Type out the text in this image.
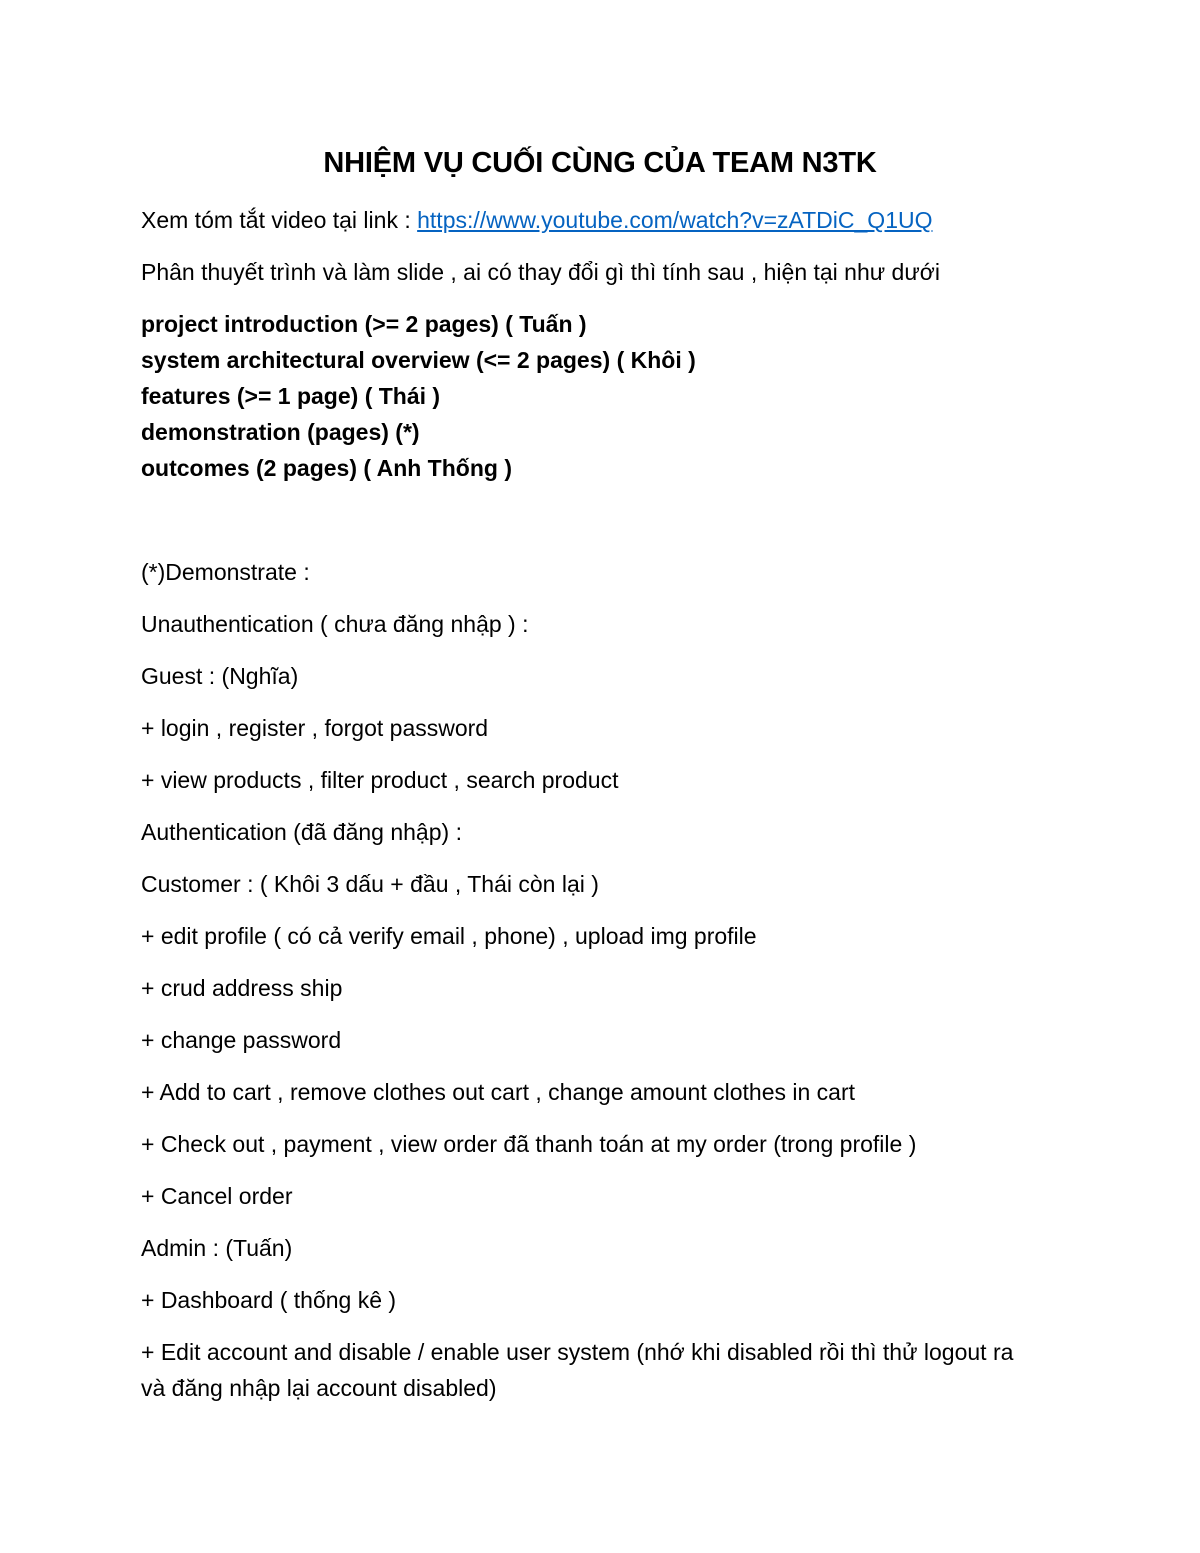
NHIỆM VỤ CUỐI CÙNG CỦA TEAM N3TK

Xem tóm tắt video tại link : https://www.youtube.com/watch?v=zATDiC_Q1UQ

Phân thuyết trình và làm slide , ai có thay đổi gì thì tính sau , hiện tại như dưới

project introduction (>= 2 pages) ( Tuấn )
system architectural overview (<= 2 pages) ( Khôi )
features (>= 1 page) ( Thái )
demonstration (pages) (*)
outcomes (2 pages) ( Anh Thống )

(*)Demonstrate :

Unauthentication ( chưa đăng nhập ) :

Guest : (Nghĩa)

+ login , register , forgot password

+ view products , filter product , search product

Authentication (đã đăng nhập) :

Customer : ( Khôi 3 dấu + đầu , Thái còn lại )

+ edit profile ( có cả verify email , phone) , upload img profile

+ crud address ship

+ change password

+ Add to cart , remove clothes out cart , change amount clothes in cart

+ Check out , payment , view order đã thanh toán at my order (trong profile )

+ Cancel order

Admin : (Tuấn)

+ Dashboard ( thống kê )

+ Edit account and disable / enable user system (nhớ khi disabled rồi thì thử logout ra và đăng nhập lại account disabled)
